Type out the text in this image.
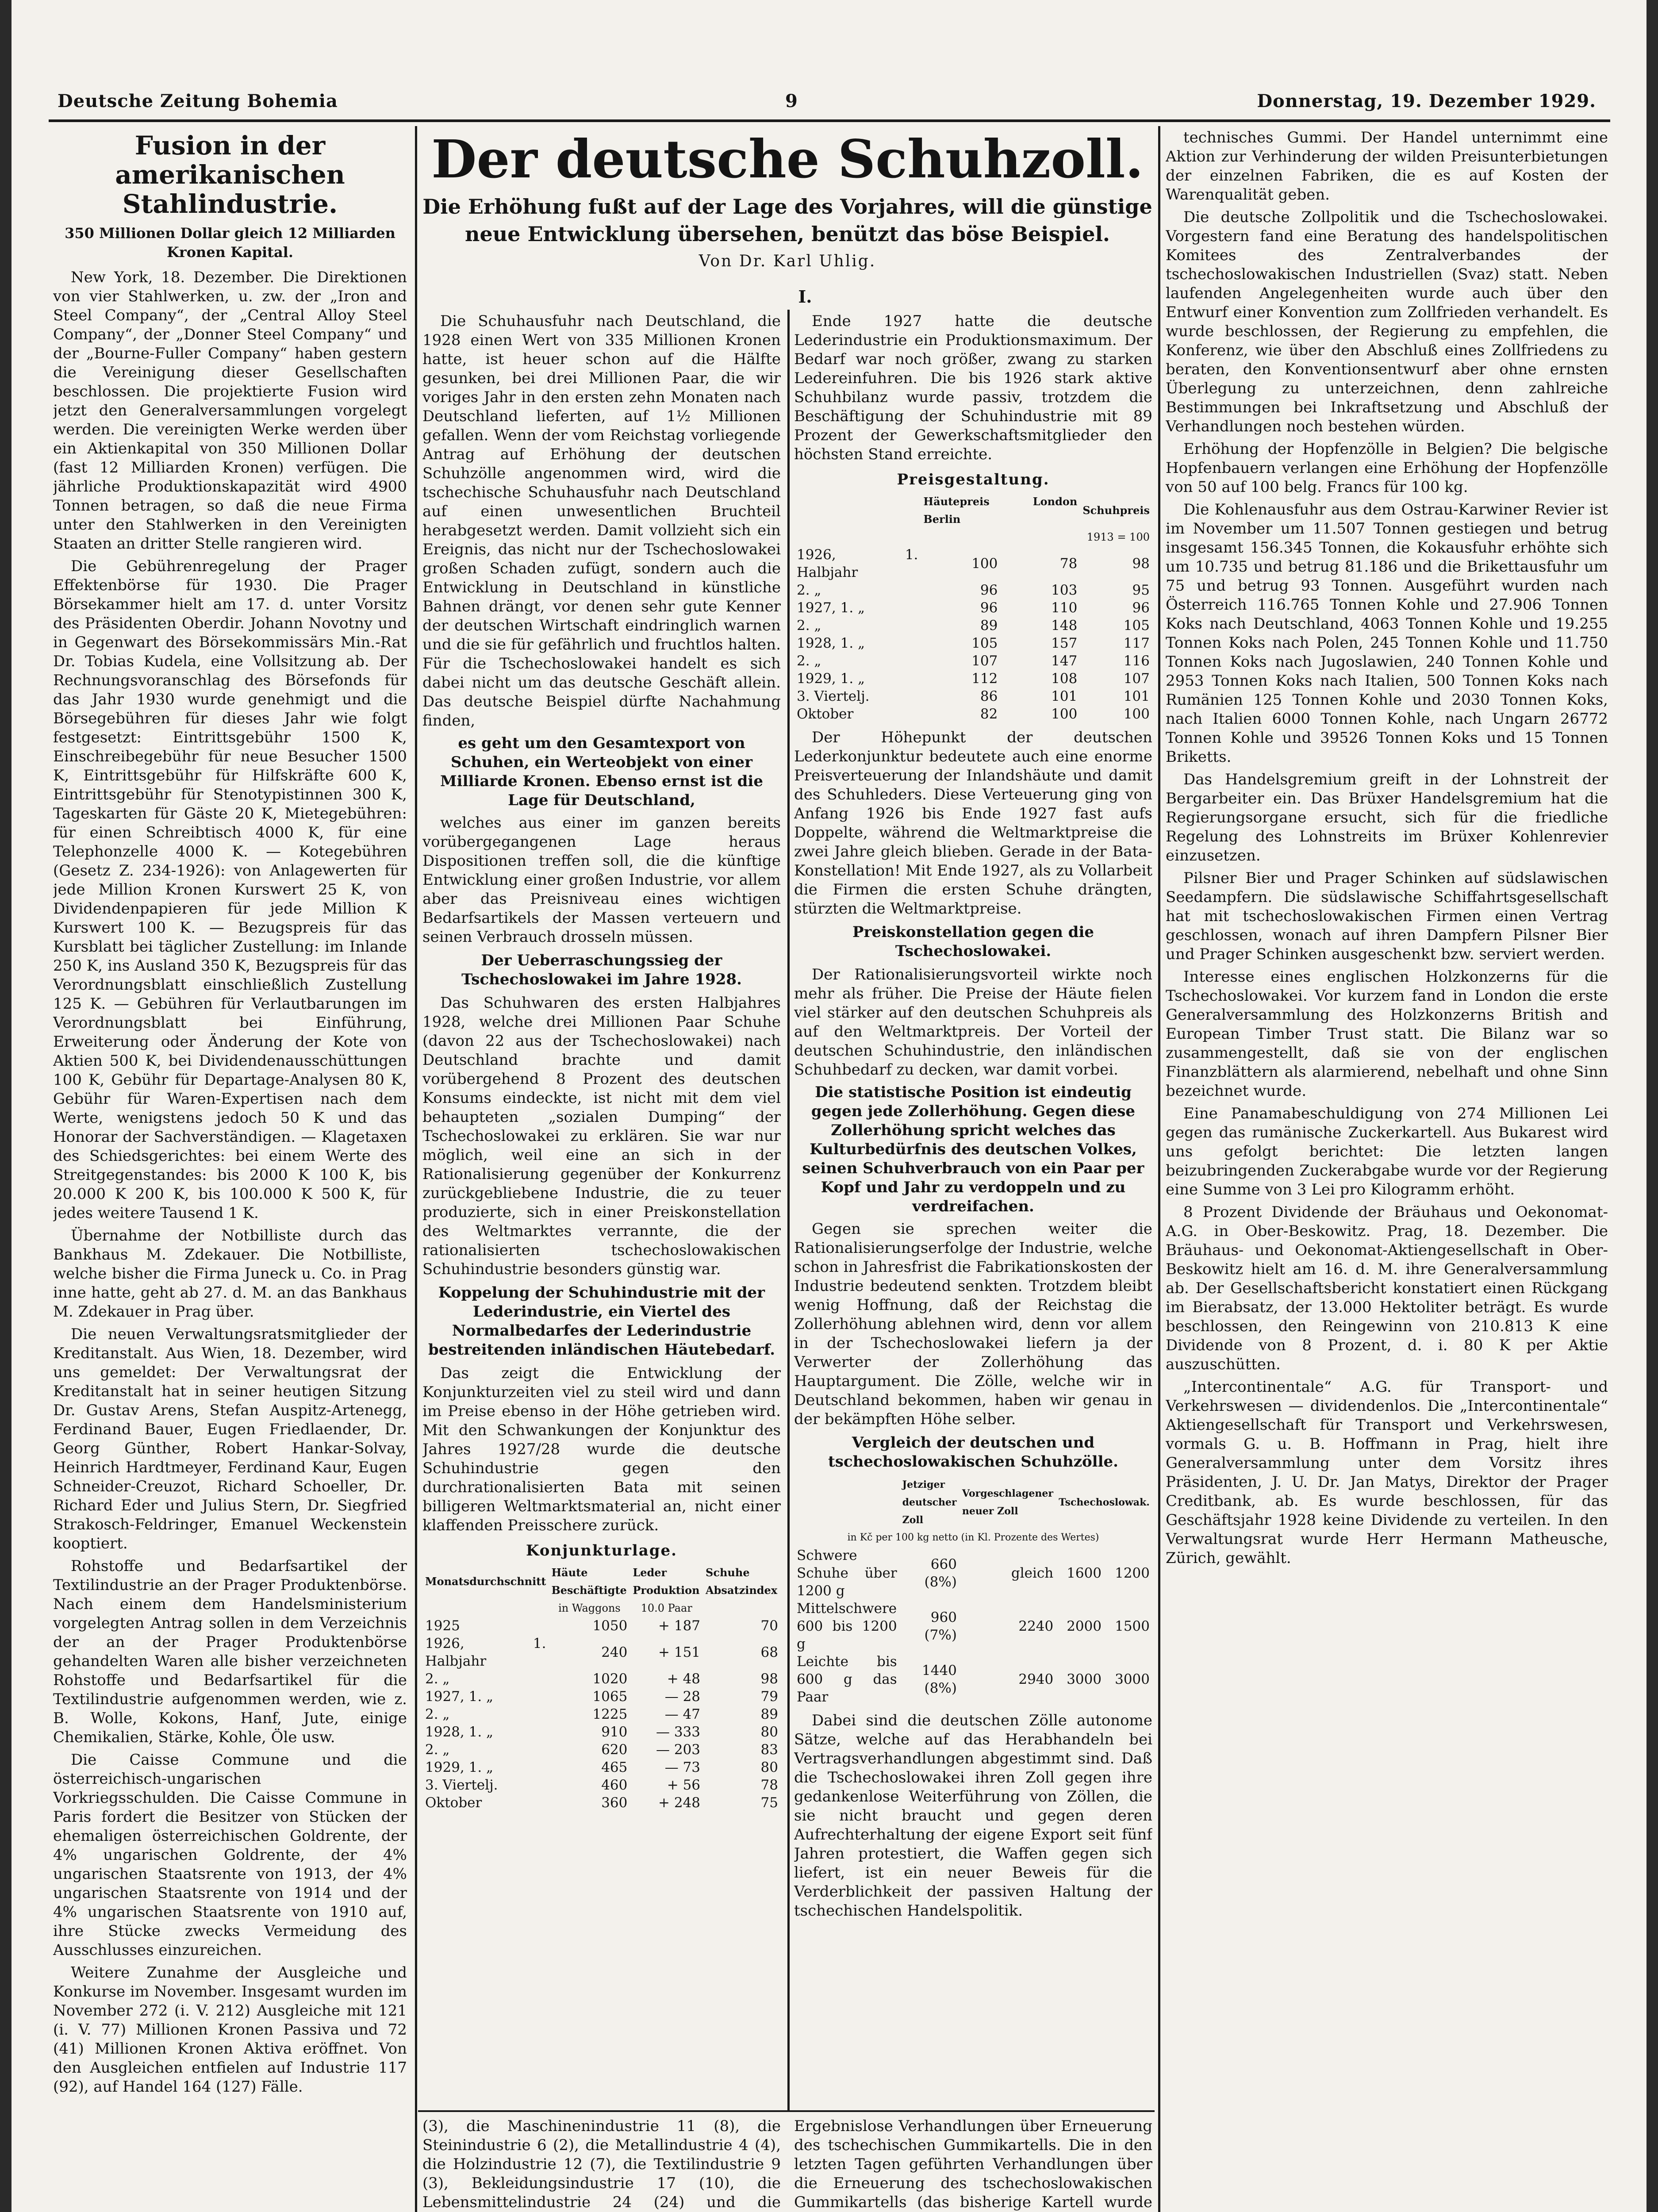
Deutsche Zeitung Bohemia	9	Donnerstag, 19. Dezember 1929.
Fusion in der amerikanischen Stahlindustrie.
350 Millionen Dollar gleich 12 Milliarden Kronen Kapital.

New York, 18. Dezember. Die Direktionen von vier Stahlwerken, u. zw. der „Iron and Steel Company“, der „Central Alloy Steel Company“, der „Donner Steel Company“ und der „Bourne-Fuller Company“ haben gestern die Vereinigung dieser Gesellschaften beschlossen. Die projektierte Fusion wird jetzt den Generalversammlungen vorgelegt werden. Die vereinigten Werke werden über ein Aktienkapital von 350 Millionen Dollar (fast 12 Milliarden Kronen) verfügen. Die jährliche Produktionskapazität wird 4900 Tonnen betragen, so daß die neue Firma unter den Stahlwerken in den Vereinigten Staaten an dritter Stelle rangieren wird.

Die Gebührenregelung der Prager Effektenbörse für 1930. Die Prager Börsekammer hielt am 17. d. unter Vorsitz des Präsidenten Oberdir. Johann Novotny und in Gegenwart des Börsekommissärs Min.-Rat Dr. Tobias Kudela, eine Vollsitzung ab. Der Rechnungsvoranschlag des Börsefonds für das Jahr 1930 wurde genehmigt und die Börsegebühren für dieses Jahr wie folgt festgesetzt: Eintrittsgebühr 1500 K, Einschreibegebühr für neue Besucher 1500 K, Eintrittsgebühr für Hilfskräfte 600 K, Eintrittsgebühr für Stenotypistinnen 300 K, Tageskarten für Gäste 20 K, Mietegebühren: für einen Schreibtisch 4000 K, für eine Telephonzelle 4000 K. — Kotegebühren (Gesetz Z. 234-1926): von Anlagewerten für jede Million Kronen Kurswert 25 K, von Dividendenpapieren für jede Million K Kurswert 100 K. — Bezugspreis für das Kursblatt bei täglicher Zustellung: im Inlande 250 K, ins Ausland 350 K, Bezugspreis für das Verordnungsblatt einschließlich Zustellung 125 K. — Gebühren für Verlautbarungen im Verordnungsblatt bei Einführung, Erweiterung oder Änderung der Kote von Aktien 500 K, bei Dividendenausschüttungen 100 K, Gebühr für Departage-Analysen 80 K, Gebühr für Waren-Expertisen nach dem Werte, wenigstens jedoch 50 K und das Honorar der Sachverständigen. — Klagetaxen des Schiedsgerichtes: bei einem Werte des Streitgegenstandes: bis 2000 K 100 K, bis 20.000 K 200 K, bis 100.000 K 500 K, für jedes weitere Tausend 1 K.

Übernahme der Notbilliste durch das Bankhaus M. Zdekauer. Die Notbilliste, welche bisher die Firma Juneck u. Co. in Prag inne hatte, geht ab 27. d. M. an das Bankhaus M. Zdekauer in Prag über.

Die neuen Verwaltungsratsmitglieder der Kreditanstalt. Aus Wien, 18. Dezember, wird uns gemeldet: Der Verwaltungsrat der Kreditanstalt hat in seiner heutigen Sitzung Dr. Gustav Arens, Stefan Auspitz-Artenegg, Ferdinand Bauer, Eugen Friedlaender, Dr. Georg Günther, Robert Hankar-Solvay, Heinrich Hardtmeyer, Ferdinand Kaur, Eugen Schneider-Creuzot, Richard Schoeller, Dr. Richard Eder und Julius Stern, Dr. Siegfried Strakosch-Feldringer, Emanuel Weckenstein kooptiert.

Rohstoffe und Bedarfsartikel der Textilindustrie an der Prager Produktenbörse. Nach einem dem Handelsministerium vorgelegten Antrag sollen in dem Verzeichnis der an der Prager Produktenbörse gehandelten Waren alle bisher verzeichneten Rohstoffe und Bedarfsartikel für die Textilindustrie aufgenommen werden, wie z. B. Wolle, Kokons, Hanf, Jute, einige Chemikalien, Stärke, Kohle, Öle usw.

Die Caisse Commune und die österreichisch-ungarischen Vorkriegsschulden. Die Caisse Commune in Paris fordert die Besitzer von Stücken der ehemaligen österreichischen Goldrente, der 4% ungarischen Goldrente, der 4% ungarischen Staatsrente von 1913, der 4% ungarischen Staatsrente von 1914 und der 4% ungarischen Staatsrente von 1910 auf, ihre Stücke zwecks Vermeidung des Ausschlusses einzureichen.

Weitere Zunahme der Ausgleiche und Konkurse im November. Insgesamt wurden im November 272 (i. V. 212) Ausgleiche mit 121 (i. V. 77) Millionen Kronen Passiva und 72 (41) Millionen Kronen Aktiva eröffnet. Von den Ausgleichen entfielen auf Industrie 117 (92), auf Handel 164 (127) Fälle.

Der deutsche Schuhzoll.
Die Erhöhung fußt auf der Lage des Vorjahres, will die günstige neue Entwicklung übersehen, benützt das böse Beispiel.
Von Dr. Karl Uhlig.
I.

Die Schuhausfuhr nach Deutschland, die 1928 einen Wert von 335 Millionen Kronen hatte, ist heuer schon auf die Hälfte gesunken, bei drei Millionen Paar, die wir voriges Jahr in den ersten zehn Monaten nach Deutschland lieferten, auf 1½ Millionen gefallen. Wenn der vom Reichstag vorliegende Antrag auf Erhöhung der deutschen Schuhzölle angenommen wird, wird die tschechische Schuhausfuhr nach Deutschland auf einen unwesentlichen Bruchteil herabgesetzt werden. Damit vollzieht sich ein Ereignis, das nicht nur der Tschechoslowakei großen Schaden zufügt, sondern auch die Entwicklung in Deutschland in künstliche Bahnen drängt, vor denen sehr gute Kenner der deutschen Wirtschaft eindringlich warnen und die sie für gefährlich und fruchtlos halten. Für die Tschechoslowakei handelt es sich dabei nicht um das deutsche Geschäft allein. Das deutsche Beispiel dürfte Nachahmung finden,

es geht um den Gesamtexport von Schuhen, ein Werteobjekt von einer Milliarde Kronen. Ebenso ernst ist die Lage für Deutschland,

welches aus einer im ganzen bereits vorübergegangenen Lage heraus Dispositionen treffen soll, die die künftige Entwicklung einer großen Industrie, vor allem aber das Preisniveau eines wichtigen Bedarfsartikels der Massen verteuern und seinen Verbrauch drosseln müssen.

Der Ueberraschungssieg der Tschechoslowakei im Jahre 1928.

Das Schuhwaren des ersten Halbjahres 1928, welche drei Millionen Paar Schuhe (davon 22 aus der Tschechoslowakei) nach Deutschland brachte und damit vorübergehend 8 Prozent des deutschen Konsums eindeckte, ist nicht mit dem viel behaupteten „sozialen Dumping“ der Tschechoslowakei zu erklären. Sie war nur möglich, weil eine an sich in der Rationalisierung gegenüber der Konkurrenz zurückgebliebene Industrie, die zu teuer produzierte, sich in einer Preiskonstellation des Weltmarktes verrannte, die der rationalisierten tschechoslowakischen Schuhindustrie besonders günstig war.

Koppelung der Schuhindustrie mit der Lederindustrie, ein Viertel des Normalbedarfes der Lederindustrie bestreitenden inländischen Häutebedarf.

Das zeigt die Entwicklung der Konjunkturzeiten viel zu steil wird und dann im Preise ebenso in der Höhe getrieben wird. Mit den Schwankungen der Konjunktur des Jahres 1927/28 wurde die deutsche Schuhindustrie gegen den durchrationalisierten Bata mit seinen billigeren Weltmarktsmaterial an, nicht einer klaffenden Preisschere zurück.

Konjunkturlage.
Monatsdurchschnitt	Häute Beschäftigte	Leder Produktion	Schuhe Absatzindex
	in Waggons	10.0 Paar	
1925	1050	+ 187	70
1926, 1. Halbjahr	240	+ 151	68
2. „	1020	+ 48	98
1927, 1. „	1065	— 28	79
2. „	1225	— 47	89
1928, 1. „	910	— 333	80
2. „	620	— 203	83
1929, 1. „	465	— 73	80
3. Viertelj.	460	+ 56	78
Oktober	360	+ 248	75

Ende 1927 hatte die deutsche Lederindustrie ein Produktionsmaximum. Der Bedarf war noch größer, zwang zu starken Ledereinfuhren. Die bis 1926 stark aktive Schuhbilanz wurde passiv, trotzdem die Beschäftigung der Schuhindustrie mit 89 Prozent der Gewerkschaftsmitglieder den höchsten Stand erreichte.

Preisgestaltung.
	Häutepreis London Berlin		Schuhpreis
	1913 = 100		
1926, 1. Halbjahr	100	78	98
2. „	96	103	95
1927, 1. „	96	110	96
2. „	89	148	105
1928, 1. „	105	157	117
2. „	107	147	116
1929, 1. „	112	108	107
3. Viertelj.	86	101	101
Oktober	82	100	100

Der Höhepunkt der deutschen Lederkonjunktur bedeutete auch eine enorme Preisverteuerung der Inlandshäute und damit des Schuhleders. Diese Verteuerung ging von Anfang 1926 bis Ende 1927 fast aufs Doppelte, während die Weltmarktpreise die zwei Jahre gleich blieben. Gerade in der Bata-Konstellation! Mit Ende 1927, als zu Vollarbeit die Firmen die ersten Schuhe drängten, stürzten die Weltmarktpreise.

Preiskonstellation gegen die Tschechoslowakei.

Der Rationalisierungsvorteil wirkte noch mehr als früher. Die Preise der Häute fielen viel stärker auf den deutschen Schuhpreis als auf den Weltmarktpreis. Der Vorteil der deutschen Schuhindustrie, den inländischen Schuhbedarf zu decken, war damit vorbei.

Die statistische Position ist eindeutig gegen jede Zollerhöhung. Gegen diese Zollerhöhung spricht welches das Kulturbedürfnis des deutschen Volkes, seinen Schuhverbrauch von ein Paar per Kopf und Jahr zu verdoppeln und zu verdreifachen.

Gegen sie sprechen weiter die Rationalisierungserfolge der Industrie, welche schon in Jahresfrist die Fabrikationskosten der Industrie bedeutend senkten. Trotzdem bleibt wenig Hoffnung, daß der Reichstag die Zollerhöhung ablehnen wird, denn vor allem in der Tschechoslowakei liefern ja der Verwerter der Zollerhöhung das Hauptargument. Die Zölle, welche wir in Deutschland bekommen, haben wir genau in der bekämpften Höhe selber.

Vergleich der deutschen und tschechoslowakischen Schuhzölle.
	Jetziger deutscher Zoll	Vorgeschlagener neuer Zoll	Tschechoslowak.	
in Kč per 100 kg netto (in Kl. Prozente des Wertes)				
Schwere Schuhe über 1200 g	660 (8%)	gleich	1600	1200
Mittelschwere 600 bis 1200 g	960 (7%)	2240	2000	1500
Leichte bis 600 g das Paar	1440 (8%)	2940	3000	3000

Dabei sind die deutschen Zölle autonome Sätze, welche auf das Herabhandeln bei Vertragsverhandlungen abgestimmt sind. Daß die Tschechoslowakei ihren Zoll gegen ihre gedankenlose Weiterführung von Zöllen, die sie nicht braucht und gegen deren Aufrechterhaltung der eigene Export seit fünf Jahren protestiert, die Waffen gegen sich liefert, ist ein neuer Beweis für die Verderblichkeit der passiven Haltung der tschechischen Handelspolitik.

technisches Gummi. Der Handel unternimmt eine Aktion zur Verhinderung der wilden Preisunterbietungen der einzelnen Fabriken, die es auf Kosten der Warenqualität geben.

Die deutsche Zollpolitik und die Tschechoslowakei. Vorgestern fand eine Beratung des handelspolitischen Komitees des Zentralverbandes der tschechoslowakischen Industriellen (Svaz) statt. Neben laufenden Angelegenheiten wurde auch über den Entwurf einer Konvention zum Zollfrieden verhandelt. Es wurde beschlossen, der Regierung zu empfehlen, die Konferenz, wie über den Abschluß eines Zollfriedens zu beraten, den Konventionsentwurf aber ohne ernsten Überlegung zu unterzeichnen, denn zahlreiche Bestimmungen bei Inkraftsetzung und Abschluß der Verhandlungen noch bestehen würden.

Erhöhung der Hopfenzölle in Belgien? Die belgische Hopfenbauern verlangen eine Erhöhung der Hopfenzölle von 50 auf 100 belg. Francs für 100 kg.

Die Kohlenausfuhr aus dem Ostrau-Karwiner Revier ist im November um 11.507 Tonnen gestiegen und betrug insgesamt 156.345 Tonnen, die Kokausfuhr erhöhte sich um 10.735 und betrug 81.186 und die Brikettausfuhr um 75 und betrug 93 Tonnen. Ausgeführt wurden nach Österreich 116.765 Tonnen Kohle und 27.906 Tonnen Koks nach Deutschland, 4063 Tonnen Kohle und 19.255 Tonnen Koks nach Polen, 245 Tonnen Kohle und 11.750 Tonnen Koks nach Jugoslawien, 240 Tonnen Kohle und 2953 Tonnen Koks nach Italien, 500 Tonnen Koks nach Rumänien 125 Tonnen Kohle und 2030 Tonnen Koks, nach Italien 6000 Tonnen Kohle, nach Ungarn 26772 Tonnen Kohle und 39526 Tonnen Koks und 15 Tonnen Briketts.

Das Handelsgremium greift in der Lohnstreit der Bergarbeiter ein. Das Brüxer Handelsgremium hat die Regierungsorgane ersucht, sich für die friedliche Regelung des Lohnstreits im Brüxer Kohlenrevier einzusetzen.

Pilsner Bier und Prager Schinken auf südslawischen Seedampfern. Die südslawische Schiffahrtsgesellschaft hat mit tschechoslowakischen Firmen einen Vertrag geschlossen, wonach auf ihren Dampfern Pilsner Bier und Prager Schinken ausgeschenkt bzw. serviert werden.

Interesse eines englischen Holzkonzerns für die Tschechoslowakei. Vor kurzem fand in London die erste Generalversammlung des Holzkonzerns British and European Timber Trust statt. Die Bilanz war so zusammengestellt, daß sie von der englischen Finanzblättern als alarmierend, nebelhaft und ohne Sinn bezeichnet wurde.

Eine Panamabeschuldigung von 274 Millionen Lei gegen das rumänische Zuckerkartell. Aus Bukarest wird uns gefolgt berichtet: Die letzten langen beizubringenden Zuckerabgabe wurde vor der Regierung eine Summe von 3 Lei pro Kilogramm erhöht.

8 Prozent Dividende der Bräuhaus und Oekonomat-A.G. in Ober-Beskowitz. Prag, 18. Dezember. Die Bräuhaus- und Oekonomat-Aktiengesellschaft in Ober-Beskowitz hielt am 16. d. M. ihre Generalversammlung ab. Der Gesellschaftsbericht konstatiert einen Rückgang im Bierabsatz, der 13.000 Hektoliter beträgt. Es wurde beschlossen, den Reingewinn von 210.813 K eine Dividende von 8 Prozent, d. i. 80 K per Aktie auszuschütten.

„Intercontinentale“ A.G. für Transport- und Verkehrswesen — dividendenlos. Die „Intercontinentale“ Aktiengesellschaft für Transport und Verkehrswesen, vormals G. u. B. Hoffmann in Prag, hielt ihre Generalversammlung unter dem Vorsitz ihres Präsidenten, J. U. Dr. Jan Matys, Direktor der Prager Creditbank, ab. Es wurde beschlossen, für das Geschäftsjahr 1928 keine Dividende zu verteilen. In den Verwaltungsrat wurde Herr Hermann Matheusche, Zürich, gewählt.

(3), die Maschinenindustrie 11 (8), die Steinindustrie 6 (2), die Metallindustrie 4 (4), die Holzindustrie 12 (7), die Textilindustrie 9 (3), Bekleidungsindustrie 17 (10), die Lebensmittelindustrie 24 (24) und die

Ergebnislose Verhandlungen über Erneuerung des tschechischen Gummikartells. Die in den letzten Tagen geführten Verhandlungen über die Erneuerung des tschechoslowakischen Gummikartells (das bisherige Kartell wurde
